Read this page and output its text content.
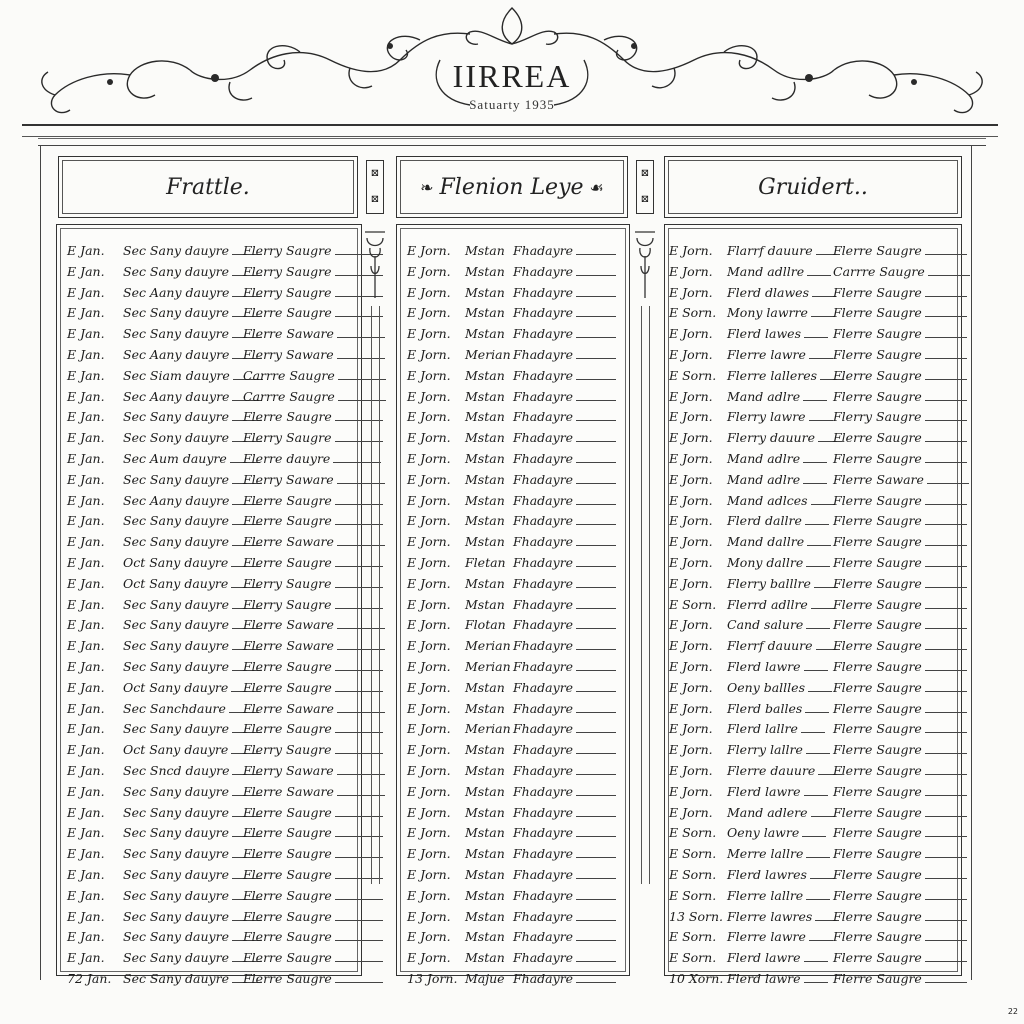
IIRREA
Satuarty 1935
Frattle.
⊠
⊠
❧ Flenion Leye ☙
⊠
⊠	Gruidert..
E Jan. Sec Sany dauyre	Flerry Saugre
E Jan. Sec Sany dauyre	Flerry Saugre
E Jan. Sec Aany dauyre	Flerry Saugre
E Jan. Sec Sany dauyre	Flerre Saugre
E Jan. Sec Sany dauyre	Flerre Saware
E Jan. Sec Aany dauyre	Flerry Saware
E Jan. Sec Siam dauyre	Carrre Saugre
E Jan. Sec Aany dauyre	Carrre Saugre
E Jan. Sec Sany dauyre	Flerre Saugre
E Jan. Sec Sony dauyre	Flerry Saugre
E Jan. Sec Aum dauyre	Flerre dauyre
E Jan. Sec Sany dauyre	Flerry Saware
E Jan. Sec Aany dauyre	Flerre Saugre
E Jan. Sec Sany dauyre	Flerre Saugre
E Jan. Sec Sany dauyre	Flerre Saware
E Jan. Oct Sany dauyre	Flerre Saugre
E Jan. Oct Sany dauyre	Flerry Saugre
E Jan. Sec Sany dauyre	Flerry Saugre
E Jan. Sec Sany dauyre	Flerre Saware
E Jan. Sec Sany dauyre	Flerre Saware
E Jan. Sec Sany dauyre	Flerre Saugre
E Jan. Oct Sany dauyre	Flerre Saugre
E Jan. Sec Sanchdaure	Flerre Saware
E Jan. Sec Sany dauyre	Flerre Saugre
E Jan. Oct Sany dauyre	Flerry Saugre
E Jan. Sec Sncd dauyre	Flerry Saware
E Jan. Sec Sany dauyre	Flerre Saware
E Jan. Sec Sany dauyre	Flerre Saugre
E Jan. Sec Sany dauyre	Flerre Saugre
E Jan. Sec Sany dauyre	Flerre Saugre
E Jan. Sec Sany dauyre	Flerre Saugre
E Jan. Sec Sany dauyre	Flerre Saugre
E Jan. Sec Sany dauyre	Flerre Saugre
E Jan. Sec Sany dauyre	Flerre Saugre
E Jan. Sec Sany dauyre	Flerre Saugre
72 Jan. Sec Sany dauyre	Flerre Saugre
E Jorn. Mstan Fhadayre
E Jorn. Mstan Fhadayre
E Jorn. Mstan Fhadayre
E Jorn. Mstan Fhadayre
E Jorn. Mstan Fhadayre
E Jorn. Merian Fhadayre
E Jorn. Mstan Fhadayre
E Jorn. Mstan Fhadayre
E Jorn. Mstan Fhadayre
E Jorn. Mstan Fhadayre
E Jorn. Mstan Fhadayre
E Jorn. Mstan Fhadayre
E Jorn. Mstan Fhadayre
E Jorn. Mstan Fhadayre
E Jorn. Mstan Fhadayre
E Jorn. Fletan Fhadayre
E Jorn. Mstan Fhadayre
E Jorn. Mstan Fhadayre
E Jorn. Flotan Fhadayre
E Jorn. Merian Fhadayre
E Jorn. Merian Fhadayre
E Jorn. Mstan Fhadayre
E Jorn. Mstan Fhadayre
E Jorn. Merian Fhadayre
E Jorn. Mstan Fhadayre
E Jorn. Mstan Fhadayre
E Jorn. Mstan Fhadayre
E Jorn. Mstan Fhadayre
E Jorn. Mstan Fhadayre
E Jorn. Mstan Fhadayre
E Jorn. Mstan Fhadayre
E Jorn. Mstan Fhadayre
E Jorn. Mstan Fhadayre
E Jorn. Mstan Fhadayre
E Jorn. Mstan Fhadayre
13 Jorn. Majue Fhadayre
E Jorn. Flarrf dauure	Flerre Saugre
E Jorn. Mand adllre	Carrre Saugre
E Jorn. Flerd dlawes	Flerre Saugre
E Sorn. Mony lawrre	Flerre Saugre
E Jorn. Flerd lawes	Flerre Saugre
E Jorn. Flerre lawre	Flerre Saugre
E Sorn. Flerre lalleres	Flerre Saugre
E Jorn. Mand adlre	Flerre Saugre
E Jorn. Flerry lawre	Flerry Saugre
E Jorn. Flerry dauure	Flerre Saugre
E Jorn. Mand adlre	Flerre Saugre
E Jorn. Mand adlre	Flerre Saware
E Jorn. Mand adlces	Flerre Saugre
E Jorn. Flerd dallre	Flerre Saugre
E Jorn. Mand dallre	Flerre Saugre
E Jorn. Mony dallre	Flerre Saugre
E Jorn. Flerry balllre	Flerre Saugre
E Sorn. Flerrd adllre	Flerre Saugre
E Jorn. Cand salure	Flerre Saugre
E Jorn. Flerrf dauure	Flerre Saugre
E Jorn. Flerd lawre	Flerre Saugre
E Jorn. Oeny ballles	Flerre Saugre
E Jorn. Flerd balles	Flerre Saugre
E Jorn. Flerd lallre	Flerre Saugre
E Jorn. Flerry lallre	Flerre Saugre
E Jorn. Flerre dauure	Flerre Saugre
E Jorn. Flerd lawre	Flerre Saugre
E Jorn. Mand adlere	Flerre Saugre
E Sorn. Oeny lawre	Flerre Saugre
E Sorn. Merre lallre	Flerre Saugre
E Sorn. Flerd lawres	Flerre Saugre
E Sorn. Flerre lallre	Flerre Saugre
13 Sorn. Flerre lawres	Flerre Saugre
E Sorn. Flerre lawre	Flerre Saugre
E Sorn. Flerd lawre	Flerre Saugre
10 Xorn. Flerd lawre	Flerre Saugre
22
